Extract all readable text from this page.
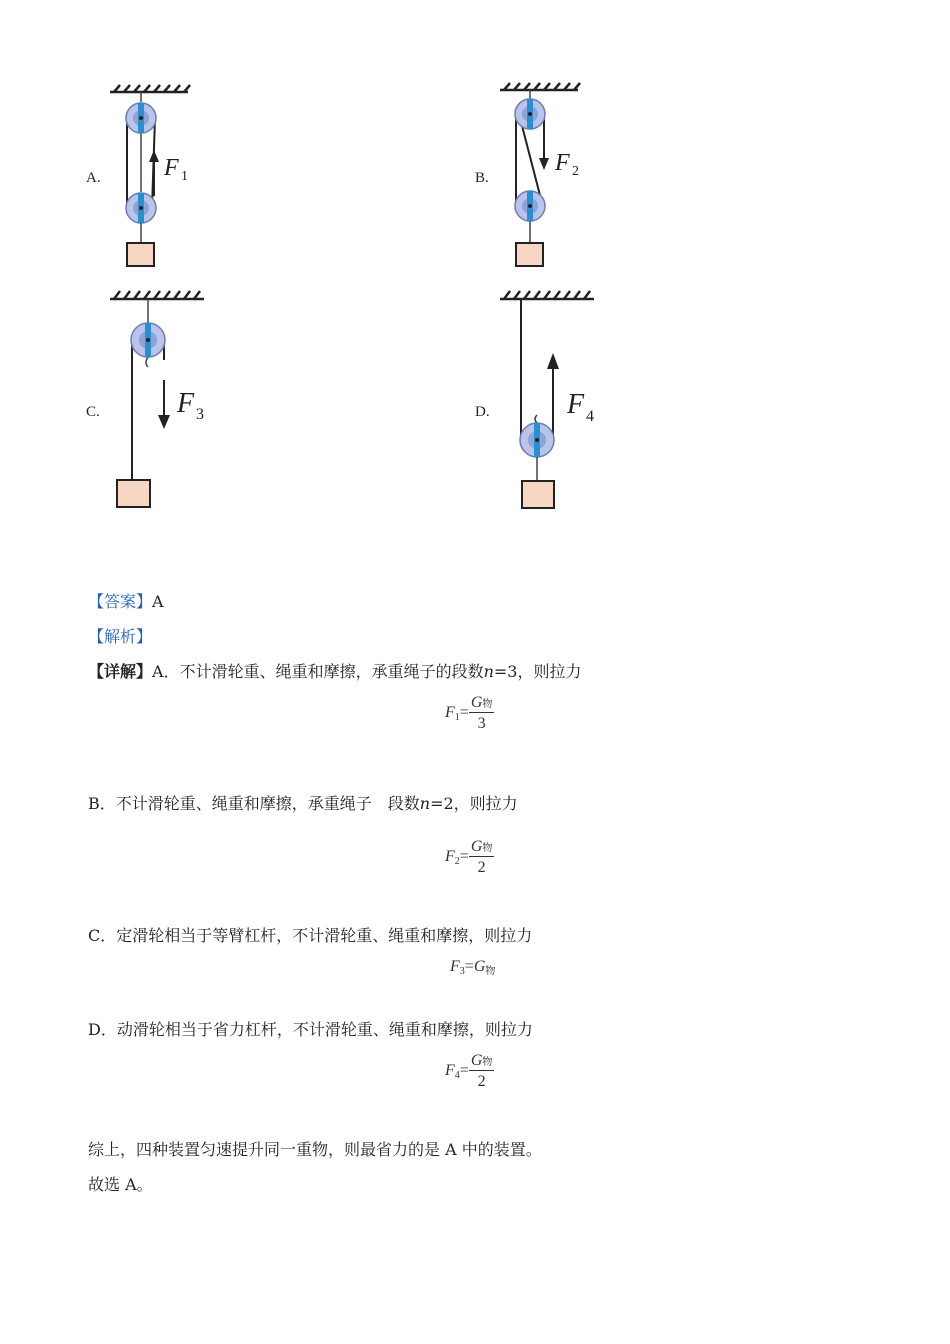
A.	F 1	B.
F 2
C.	F 3	D.	F 4
【答案】A
【解析】
【详解】A．不计滑轮重、绳重和摩擦，承重绳子的段数n=3，则拉力
$F_1= \frac{\text{G物}}{3}$
B．不计滑轮重、绳重和摩擦，承重绳子　段数n=2，则拉力
$F_2= \frac{\text{G物}}{2}$
C．定滑轮相当于等臂杠杆，不计滑轮重、绳重和摩擦，则拉力
$F_3=G$物
D．动滑轮相当于省力杠杆，不计滑轮重、绳重和摩擦，则拉力
$F_4= \frac{\text{G物}}{2}$
综上，四种装置匀速提升同一重物，则最省力的是 A 中的装置。
故选 A。
